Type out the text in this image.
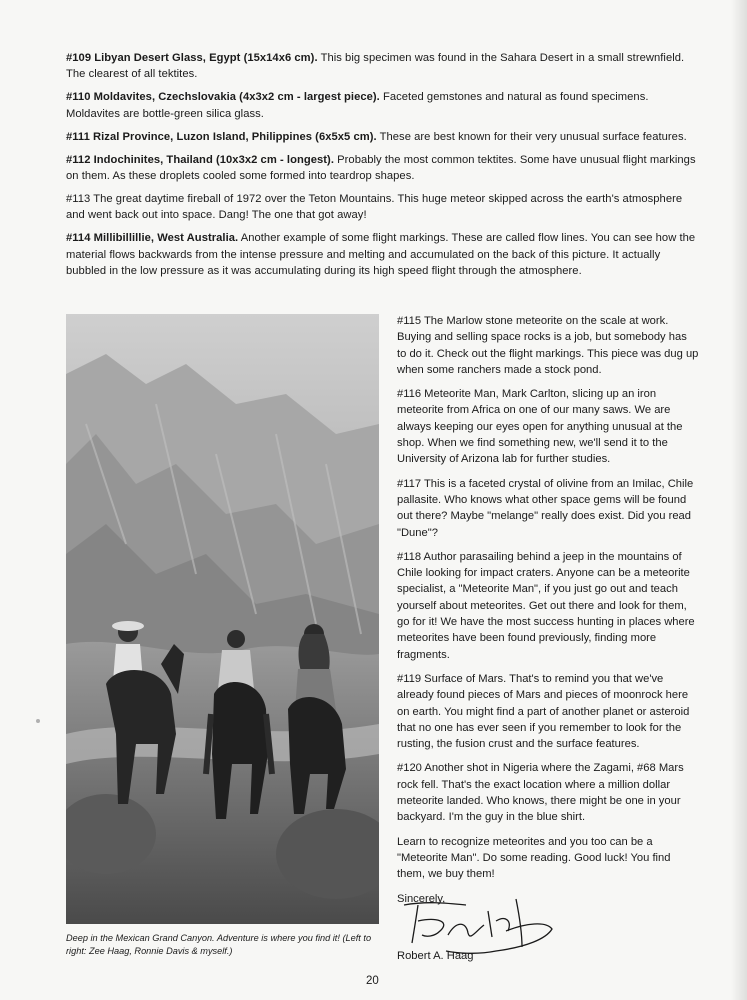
#109 Libyan Desert Glass, Egypt (15x14x6 cm). This big specimen was found in the Sahara Desert in a small strewnfield. The clearest of all tektites.

#110 Moldavites, Czechslovakia (4x3x2 cm - largest piece). Faceted gemstones and natural as found specimens. Moldavites are bottle-green silica glass.

#111 Rizal Province, Luzon Island, Philippines (6x5x5 cm). These are best known for their very unusual surface features.

#112 Indochinites, Thailand (10x3x2 cm - longest). Probably the most common tektites. Some have unusual flight markings on them. As these droplets cooled some formed into teardrop shapes.

#113 The great daytime fireball of 1972 over the Teton Mountains. This huge meteor skipped across the earth's atmosphere and went back out into space. Dang! The one that got away!

#114 Millibillillie, West Australia. Another example of some flight markings. These are called flow lines. You can see how the material flows backwards from the intense pressure and melting and accumulated on the back of this picture. It actually bubbled in the low pressure as it was accumulating during its high speed flight through the atmosphere.

Deep in the Mexican Grand Canyon. Adventure is where you find it! (Left to right: Zee Haag, Ronnie Davis & myself.)

#115 The Marlow stone meteorite on the scale at work. Buying and selling space rocks is a job, but somebody has to do it. Check out the flight markings. This piece was dug up when some ranchers made a stock pond.

#116 Meteorite Man, Mark Carlton, slicing up an iron meteorite from Africa on one of our many saws. We are always keeping our eyes open for anything unusual at the shop. When we find something new, we'll send it to the University of Arizona lab for further studies.

#117 This is a faceted crystal of olivine from an Imilac, Chile pallasite. Who knows what other space gems will be found out there? Maybe "melange" really does exist. Did you read "Dune"?

#118 Author parasailing behind a jeep in the mountains of Chile looking for impact craters. Anyone can be a meteorite specialist, a "Meteorite Man", if you just go out and teach yourself about meteorites. Get out there and look for them, go for it! We have the most success hunting in places where meteorites have been found previously, finding more fragments.

#119 Surface of Mars. That's to remind you that we've already found pieces of Mars and pieces of moonrock here on earth. You might find a part of another planet or asteroid that no one has ever seen if you remember to look for the rusting, the fusion crust and the surface features.

#120 Another shot in Nigeria where the Zagami, #68 Mars rock fell. That's the exact location where a million dollar meteorite landed. Who knows, there might be one in your backyard. I'm the guy in the blue shirt.

Learn to recognize meteorites and you too can be a "Meteorite Man". Do some reading. Good luck! You find them, we buy them!

Sincerely,

Robert A. Haag
20
